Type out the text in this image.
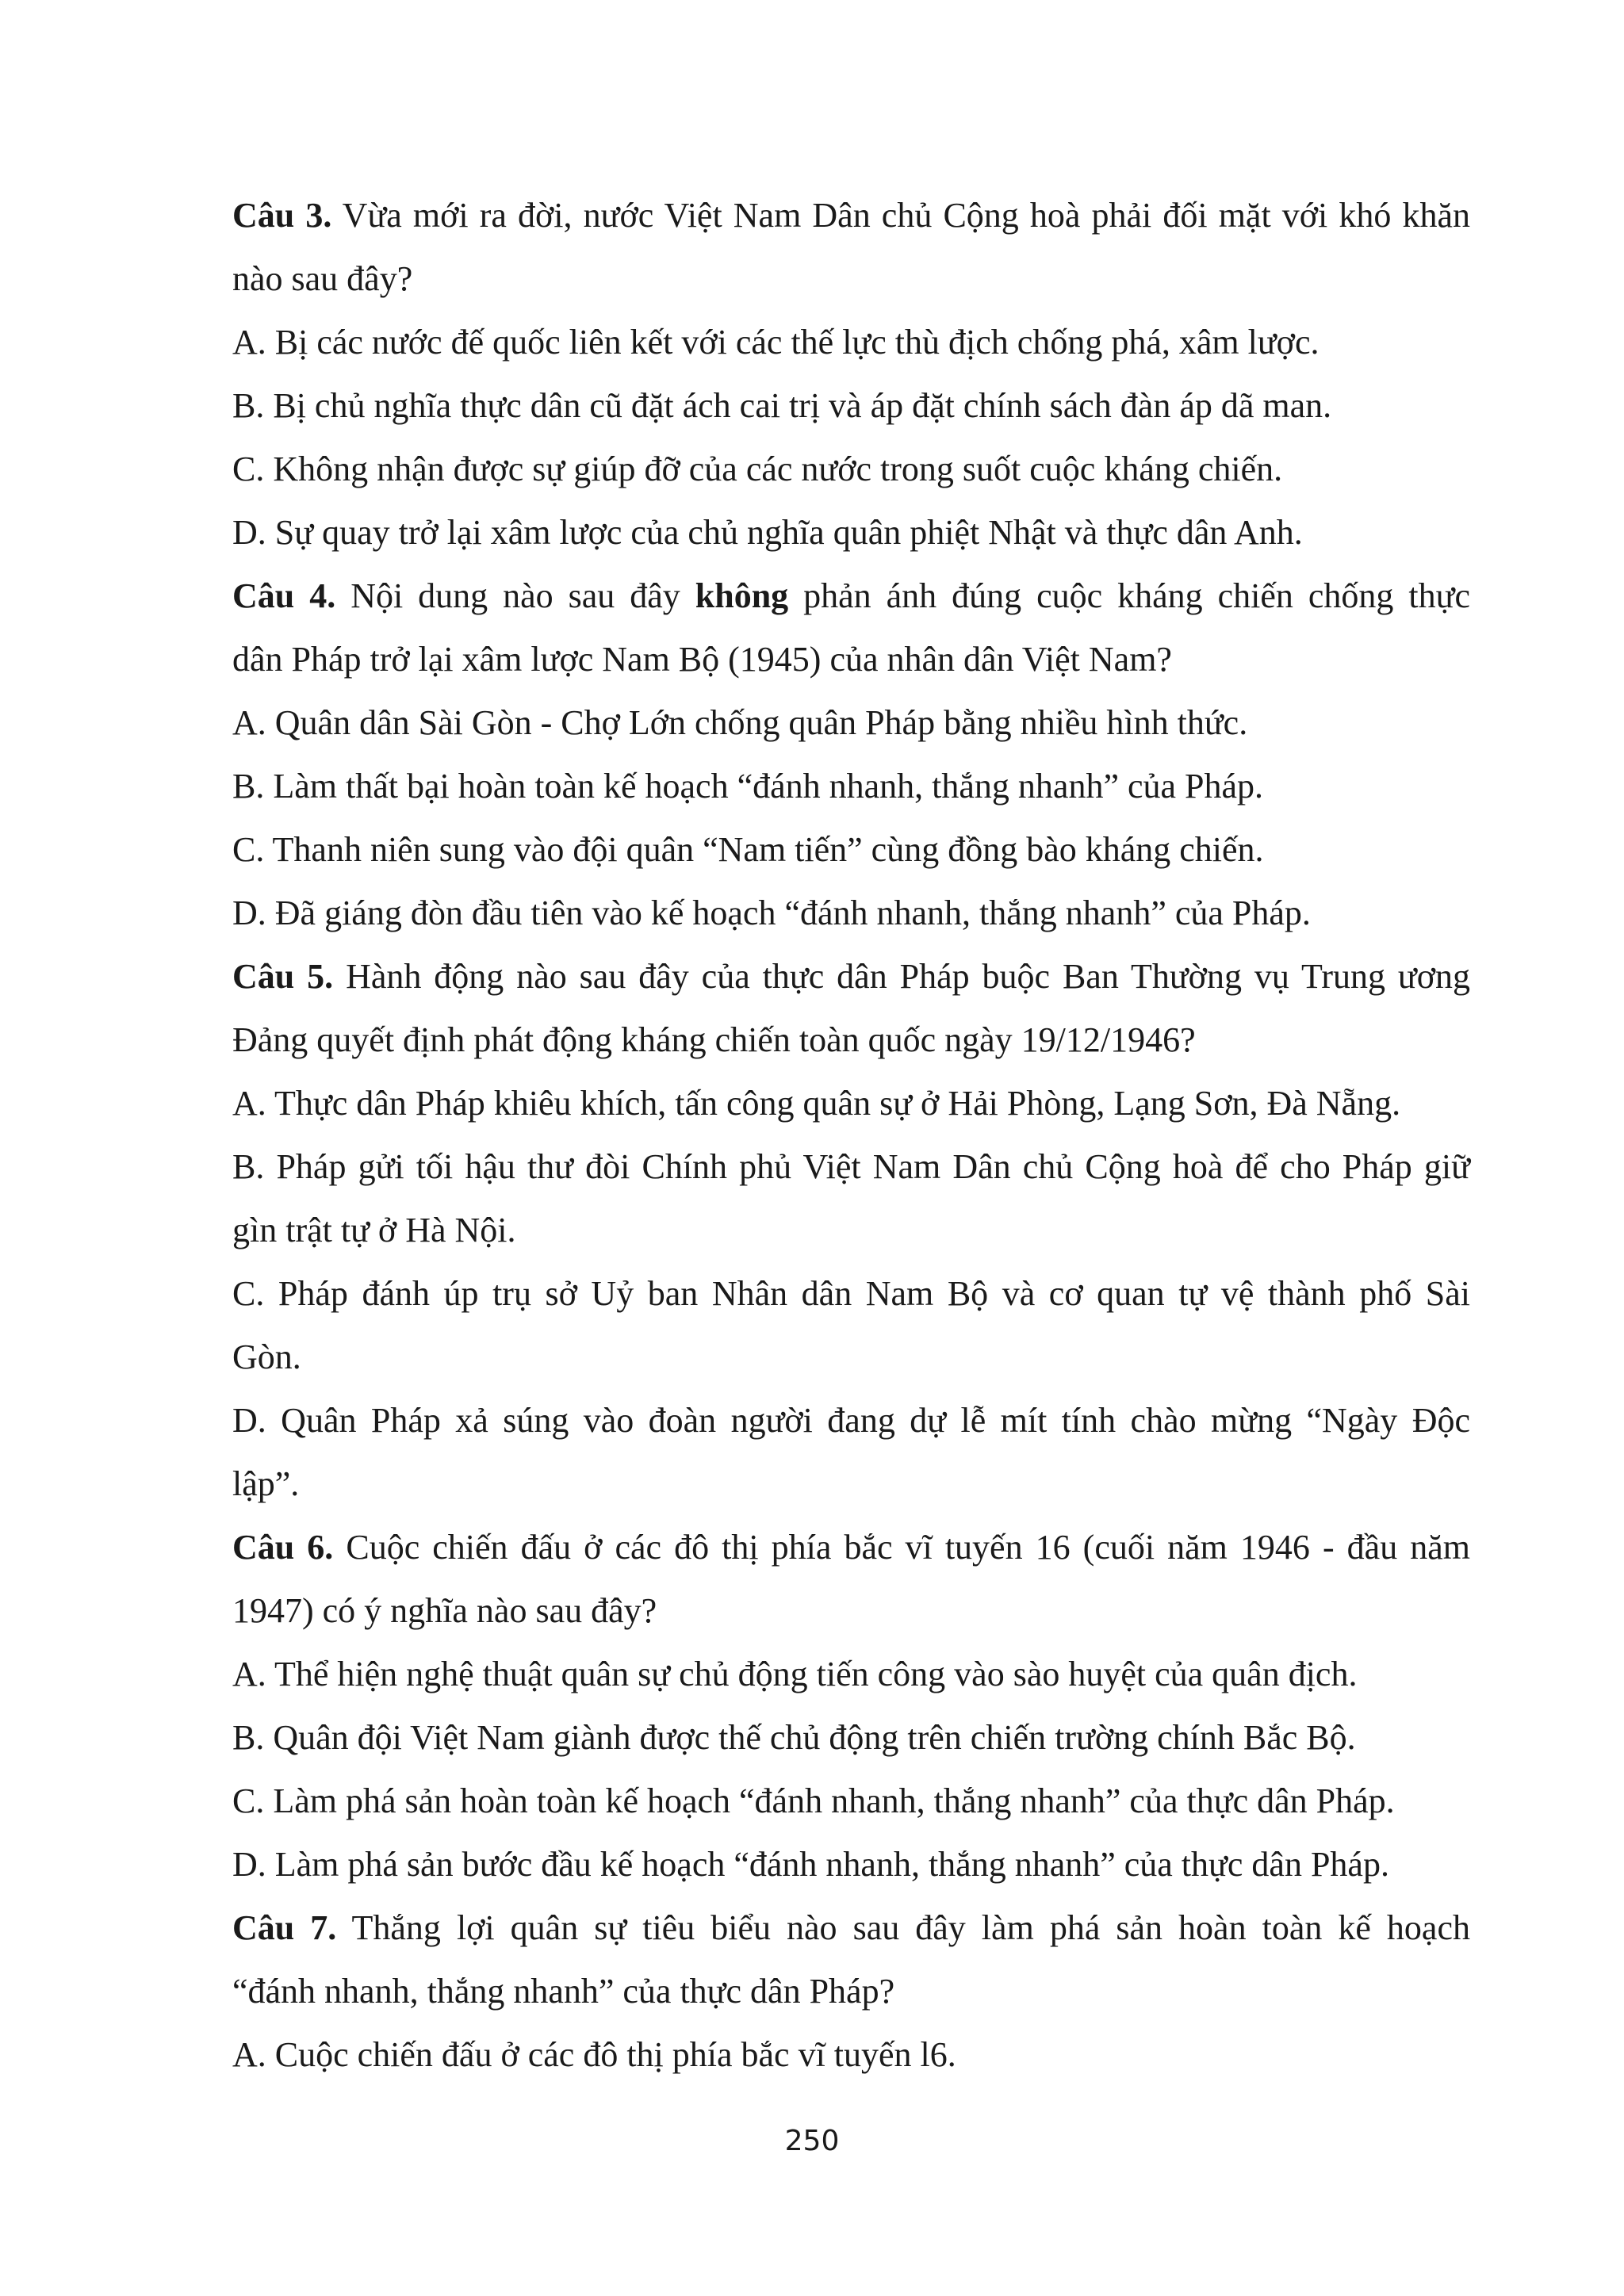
Câu 3. Vừa mới ra đời, nước Việt Nam Dân chủ Cộng hoà phải đối mặt với khó khăn
nào sau đây?
A. Bị các nước đế quốc liên kết với các thế lực thù địch chống phá, xâm lược.
B. Bị chủ nghĩa thực dân cũ đặt ách cai trị và áp đặt chính sách đàn áp dã man.
C. Không nhận được sự giúp đỡ của các nước trong suốt cuộc kháng chiến.
D. Sự quay trở lại xâm lược của chủ nghĩa quân phiệt Nhật và thực dân Anh.
Câu 4. Nội dung nào sau đây không phản ánh đúng cuộc kháng chiến chống thực
dân Pháp trở lại xâm lược Nam Bộ (1945) của nhân dân Việt Nam?
A. Quân dân Sài Gòn - Chợ Lớn chống quân Pháp bằng nhiều hình thức.
B. Làm thất bại hoàn toàn kế hoạch “đánh nhanh, thắng nhanh” của Pháp.
C. Thanh niên sung vào đội quân “Nam tiến” cùng đồng bào kháng chiến.
D. Đã giáng đòn đầu tiên vào kế hoạch “đánh nhanh, thắng nhanh” của Pháp.
Câu 5. Hành động nào sau đây của thực dân Pháp buộc Ban Thường vụ Trung ương
Đảng quyết định phát động kháng chiến toàn quốc ngày 19/12/1946?
A. Thực dân Pháp khiêu khích, tấn công quân sự ở Hải Phòng, Lạng Sơn, Đà Nẵng.
B. Pháp gửi tối hậu thư đòi Chính phủ Việt Nam Dân chủ Cộng hoà để cho Pháp giữ
gìn trật tự ở Hà Nội.
C. Pháp đánh úp trụ sở Uỷ ban Nhân dân Nam Bộ và cơ quan tự vệ thành phố Sài
Gòn.
D. Quân Pháp xả súng vào đoàn người đang dự lễ mít tính chào mừng “Ngày Độc
lập”.
Câu 6. Cuộc chiến đấu ở các đô thị phía bắc vĩ tuyến 16 (cuối năm 1946 - đầu năm
1947) có ý nghĩa nào sau đây?
A. Thể hiện nghệ thuật quân sự chủ động tiến công vào sào huyệt của quân địch.
B. Quân đội Việt Nam giành được thế chủ động trên chiến trường chính Bắc Bộ.
C. Làm phá sản hoàn toàn kế hoạch “đánh nhanh, thắng nhanh” của thực dân Pháp.
D. Làm phá sản bước đầu kế hoạch “đánh nhanh, thắng nhanh” của thực dân Pháp.
Câu 7. Thắng lợi quân sự tiêu biểu nào sau đây làm phá sản hoàn toàn kế hoạch
“đánh nhanh, thắng nhanh” của thực dân Pháp?
A. Cuộc chiến đấu ở các đô thị phía bắc vĩ tuyến l6.
250
